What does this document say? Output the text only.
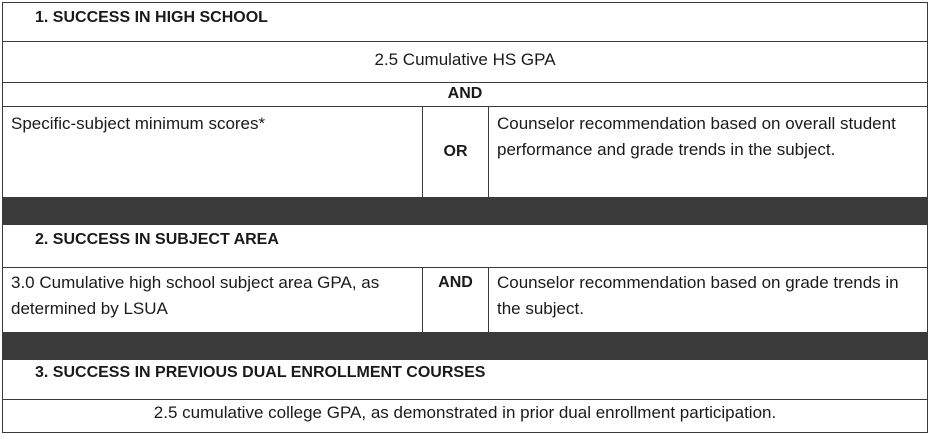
1. SUCCESS IN HIGH SCHOOL		

2.5 Cumulative HS GPA		

AND		

Specific-subject minimum scores*	OR	Counselor recommendation based on overall student performance and grade trends in the subject.

2. SUCCESS IN SUBJECT AREA		

3.0 Cumulative high school subject area GPA, as determined by LSUA	AND	Counselor recommendation based on grade trends in the subject.

3. SUCCESS IN PREVIOUS DUAL ENROLLMENT COURSES		

2.5 cumulative college GPA, as demonstrated in prior dual enrollment participation.		
